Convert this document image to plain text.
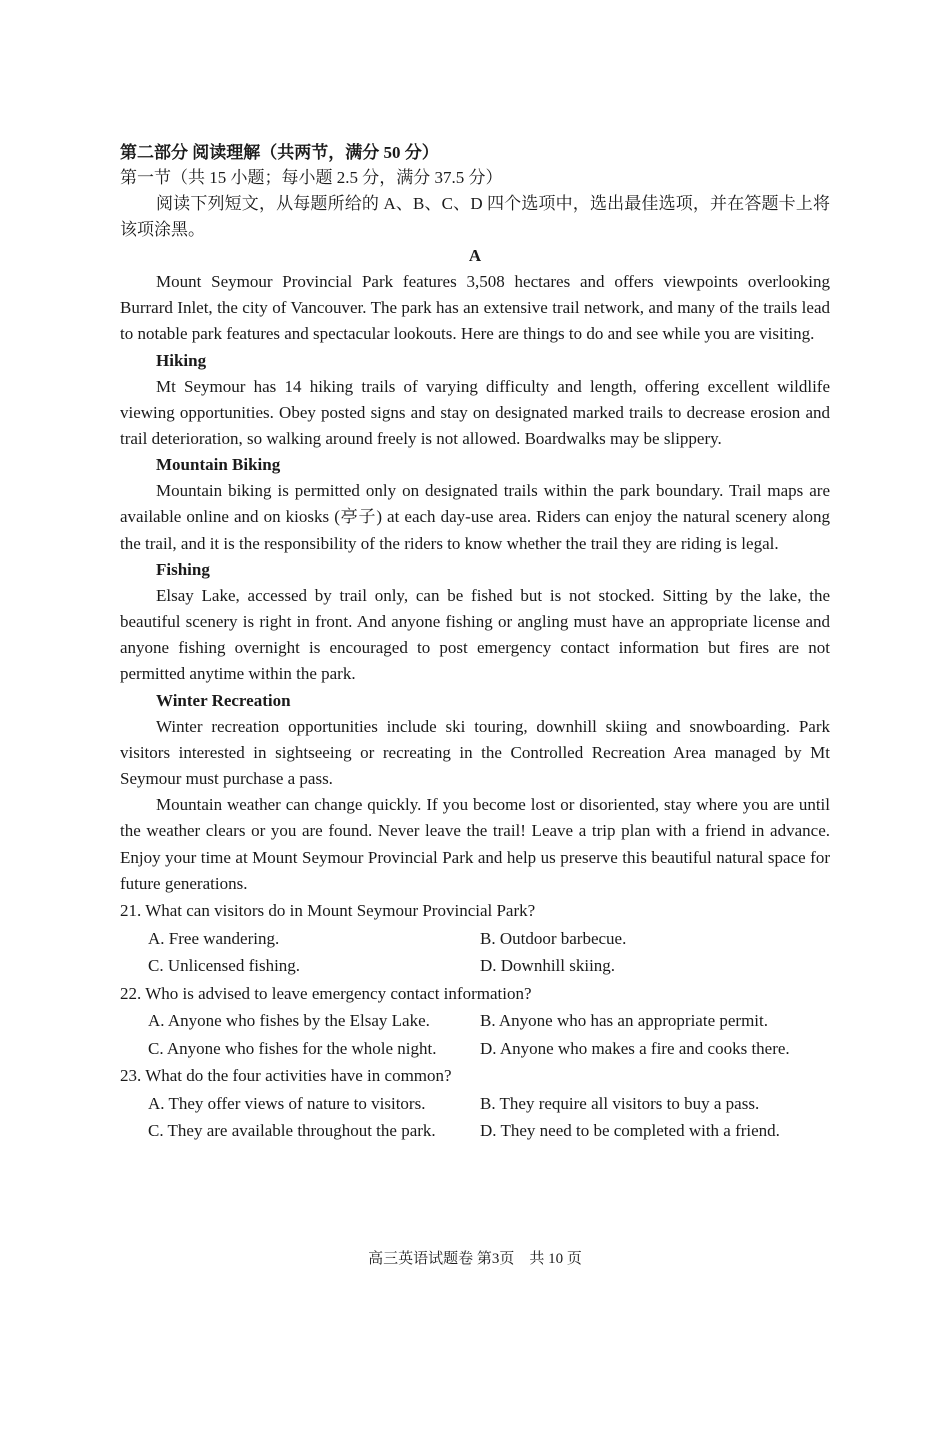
第二部分 阅读理解（共两节，满分 50 分）

第一节（共 15 小题；每小题 2.5 分，满分 37.5 分）

阅读下列短文，从每题所给的 A、B、C、D 四个选项中，选出最佳选项，并在答题卡上将该项涂黑。

A

Mount Seymour Provincial Park features 3,508 hectares and offers viewpoints overlooking Burrard Inlet, the city of Vancouver. The park has an extensive trail network, and many of the trails lead to notable park features and spectacular lookouts. Here are things to do and see while you are visiting.

Hiking

Mt Seymour has 14 hiking trails of varying difficulty and length, offering excellent wildlife viewing opportunities. Obey posted signs and stay on designated marked trails to decrease erosion and trail deterioration, so walking around freely is not allowed. Boardwalks may be slippery.

Mountain Biking

Mountain biking is permitted only on designated trails within the park boundary. Trail maps are available online and on kiosks (亭子) at each day-use area. Riders can enjoy the natural scenery along the trail, and it is the responsibility of the riders to know whether the trail they are riding is legal.

Fishing

Elsay Lake, accessed by trail only, can be fished but is not stocked. Sitting by the lake, the beautiful scenery is right in front. And anyone fishing or angling must have an appropriate license and anyone fishing overnight is encouraged to post emergency contact information but fires are not permitted anytime within the park.

Winter Recreation

Winter recreation opportunities include ski touring, downhill skiing and snowboarding. Park visitors interested in sightseeing or recreating in the Controlled Recreation Area managed by Mt Seymour must purchase a pass.

Mountain weather can change quickly. If you become lost or disoriented, stay where you are until the weather clears or you are found. Never leave the trail! Leave a trip plan with a friend in advance. Enjoy your time at Mount Seymour Provincial Park and help us preserve this beautiful natural space for future generations.

21. What can visitors do in Mount Seymour Provincial Park?

A. Free wandering.	B. Outdoor barbecue.
C. Unlicensed fishing.	D. Downhill skiing.

22. Who is advised to leave emergency contact information?

A. Anyone who fishes by the Elsay Lake.	B. Anyone who has an appropriate permit.
C. Anyone who fishes for the whole night.	D. Anyone who makes a fire and cooks there.

23. What do the four activities have in common?

A. They offer views of nature to visitors.	B. They require all visitors to buy a pass.
C. They are available throughout the park.	D. They need to be completed with a friend.
高三英语试题卷 第3页    共 10 页
